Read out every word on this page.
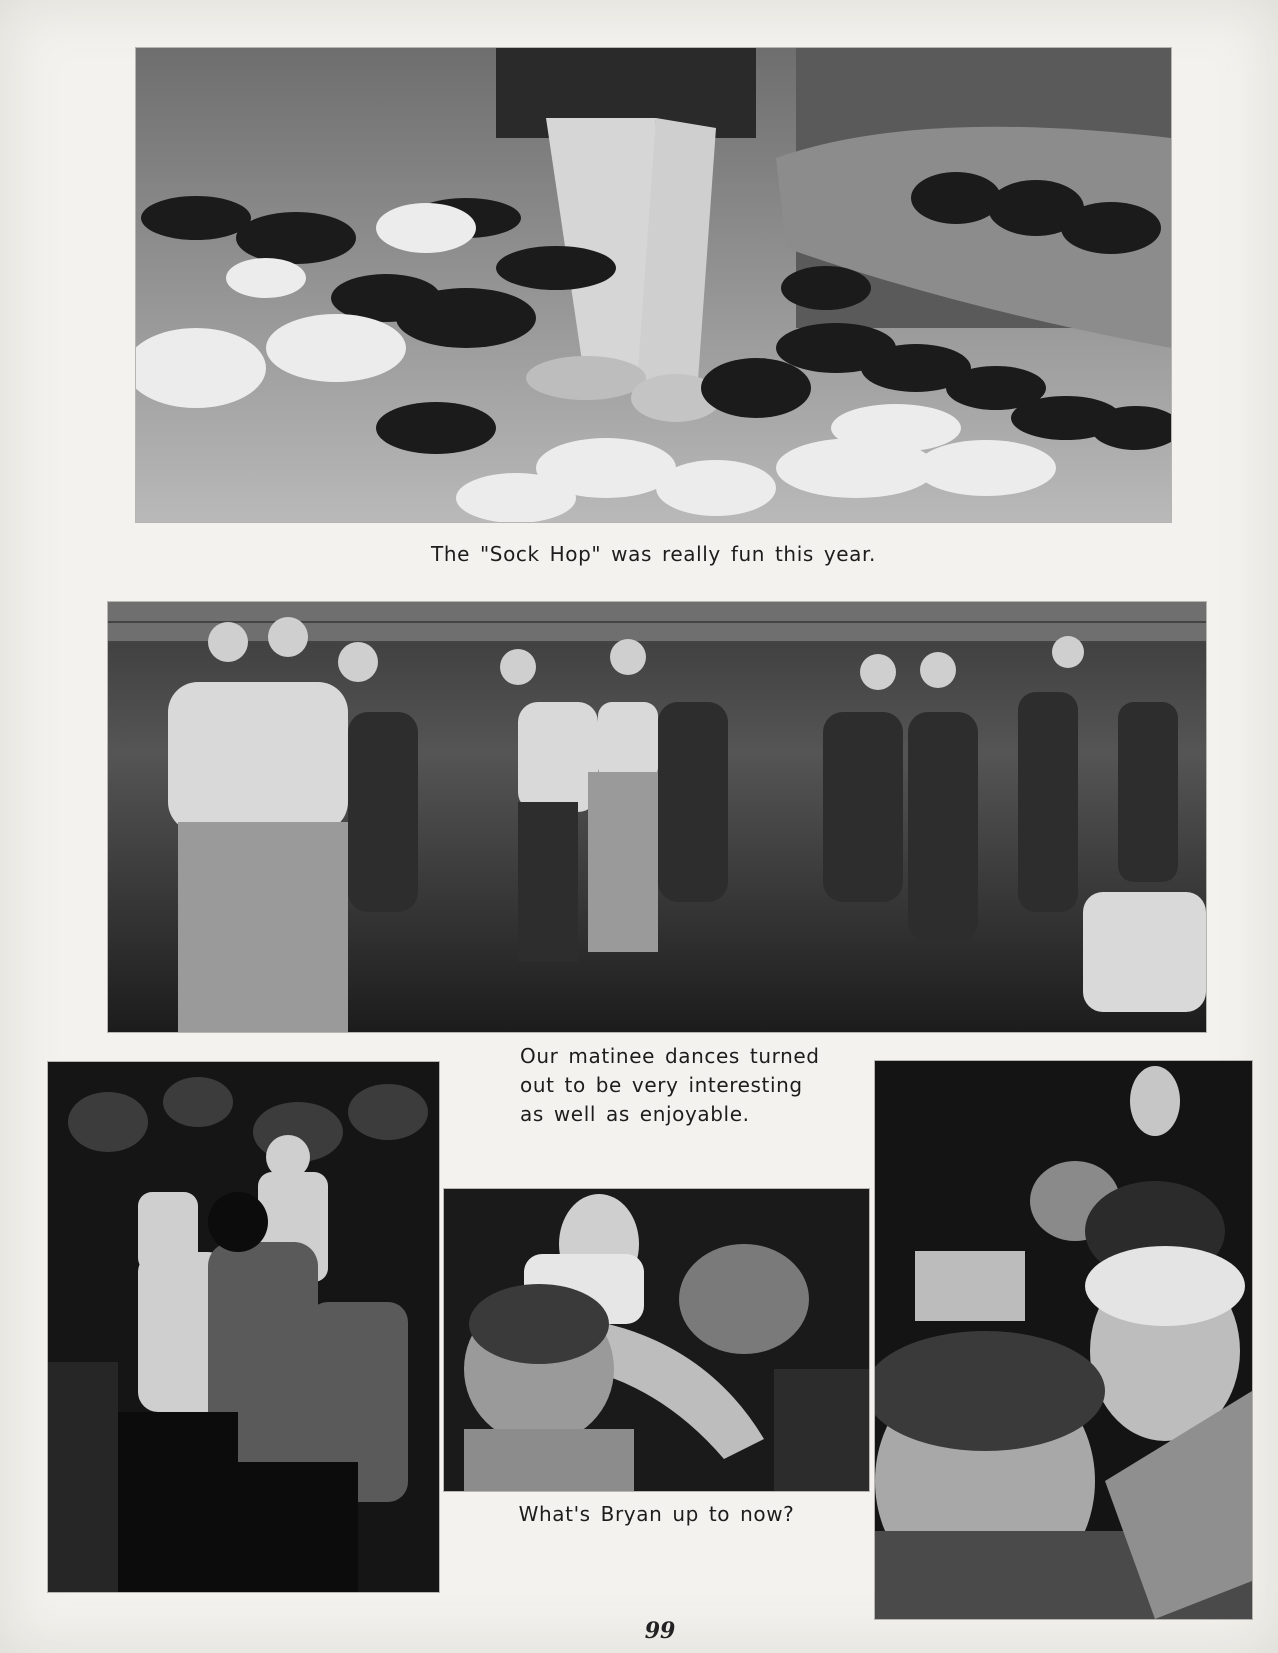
The "Sock Hop" was really fun this year.
Our matinee dances turned
out to be very interesting
as well as enjoyable.
What's Bryan up to now?
99
